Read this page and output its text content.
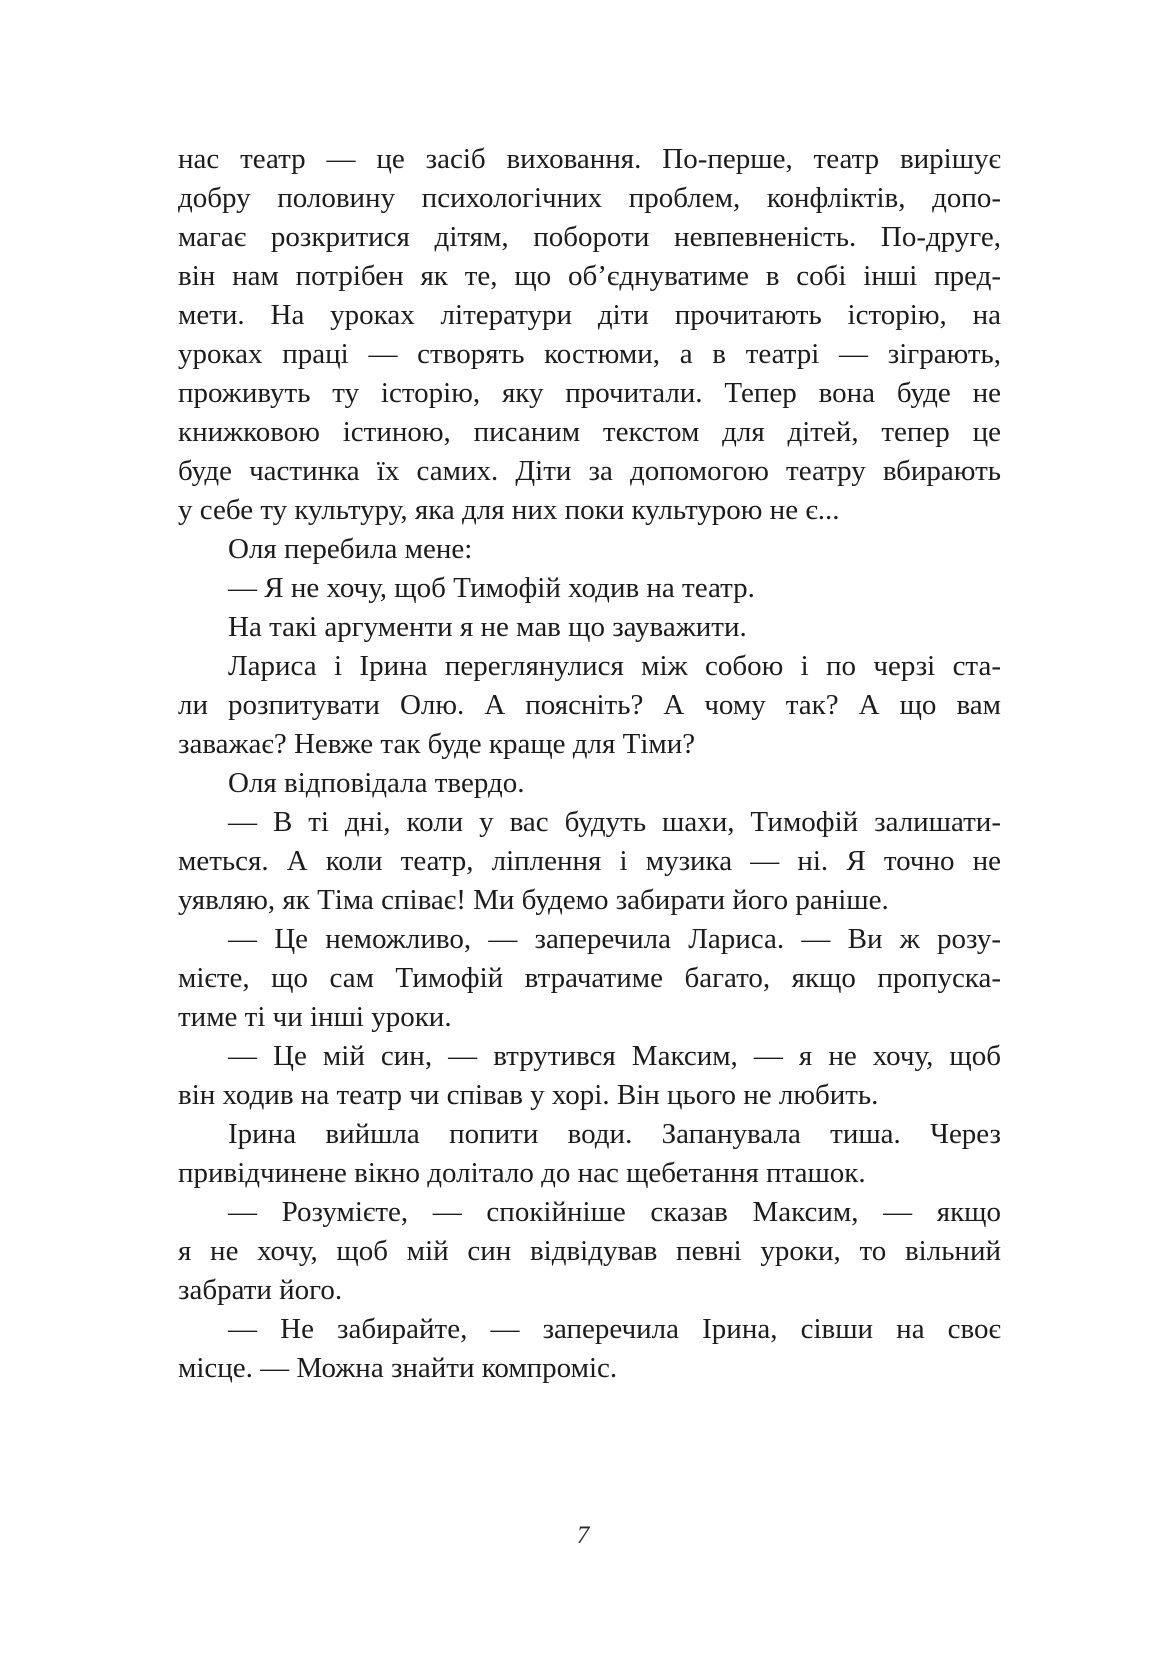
нас театр — це засіб виховання. По-перше, театр вирішує
добру половину психологічних проблем, конфліктів, допо-
магає розкритися дітям, побороти невпевненість. По-друге,
він нам потрібен як те, що об’єднуватиме в собі інші пред-
мети. На уроках літератури діти прочитають історію, на
уроках праці — створять костюми, а в театрі — зіграють,
проживуть ту історію, яку прочитали. Тепер вона буде не
книжковою істиною, писаним текстом для дітей, тепер це
буде частинка їх самих. Діти за допомогою театру вбирають
у себе ту культуру, яка для них поки культурою не є...
Оля перебила мене:
— Я не хочу, щоб Тимофій ходив на театр.
На такі аргументи я не мав що зауважити.
Лариса і Ірина переглянулися між собою і по черзі ста-
ли розпитувати Олю. А поясніть? А чому так? А що вам
заважає? Невже так буде краще для Тіми?
Оля відповідала твердо.
— В ті дні, коли у вас будуть шахи, Тимофій залишати-
меться. А коли театр, ліплення і музика — ні. Я точно не
уявляю, як Тіма співає! Ми будемо забирати його раніше.
— Це неможливо, — заперечила Лариса. — Ви ж розу-
мієте, що сам Тимофій втрачатиме багато, якщо пропуска-
тиме ті чи інші уроки.
— Це мій син, — втрутився Максим, — я не хочу, щоб
він ходив на театр чи співав у хорі. Він цього не любить.
Ірина вийшла попити води. Запанувала тиша. Через
привідчинене вікно долітало до нас щебетання пташок.
— Розумієте, — спокійніше сказав Максим, — якщо
я не хочу, щоб мій син відвідував певні уроки, то вільний
забрати його.
— Не забирайте, — заперечила Ірина, сівши на своє
місце. — Можна знайти компроміс.
7
